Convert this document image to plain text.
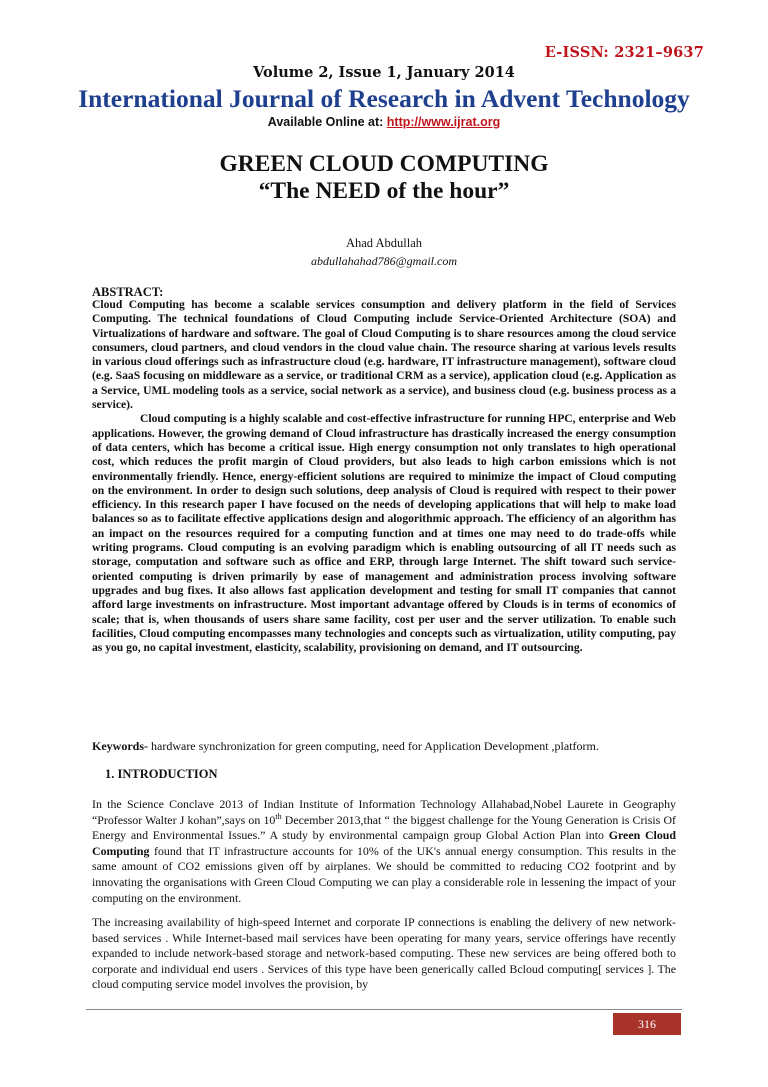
E-ISSN: 2321–9637
Volume 2, Issue 1, January 2014
International Journal of Research in Advent Technology
Available Online at: http://www.ijrat.org
GREEN CLOUD COMPUTING
“The NEED of the hour”
Ahad Abdullah
abdullahahad786@gmail.com
ABSTRACT:

Cloud Computing has become a scalable services consumption and delivery platform in the field of Services Computing. The technical foundations of Cloud Computing include Service-Oriented Architecture (SOA) and Virtualizations of hardware and software. The goal of Cloud Computing is to share resources among the cloud service consumers, cloud partners, and cloud vendors in the cloud value chain. The resource sharing at various levels results in various cloud offerings such as infrastructure cloud (e.g. hardware, IT infrastructure management), software cloud (e.g. SaaS focusing on middleware as a service, or traditional CRM as a service), application cloud (e.g. Application as a Service, UML modeling tools as a service, social network as a service), and business cloud (e.g. business process as a service).

Cloud computing is a highly scalable and cost-effective infrastructure for running HPC, enterprise and Web applications. However, the growing demand of Cloud infrastructure has drastically increased the energy consumption of data centers, which has become a critical issue. High energy consumption not only translates to high operational cost, which reduces the profit margin of Cloud providers, but also leads to high carbon emissions which is not environmentally friendly. Hence, energy-efficient solutions are required to minimize the impact of Cloud computing on the environment. In order to design such solutions, deep analysis of Cloud is required with respect to their power efficiency. In this research paper I have focused on the needs of developing applications that will help to make load balances so as to facilitate effective applications design and alogorithmic approach. The efficiency of an algorithm has an impact on the resources required for a computing function and at times one may need to do trade-offs while writing programs. Cloud computing is an evolving paradigm which is enabling outsourcing of all IT needs such as storage, computation and software such as office and ERP, through large Internet. The shift toward such service-oriented computing is driven primarily by ease of management and administration process involving software upgrades and bug fixes. It also allows fast application development and testing for small IT companies that cannot afford large investments on infrastructure. Most important advantage offered by Clouds is in terms of economics of scale; that is, when thousands of users share same facility, cost per user and the server utilization. To enable such facilities, Cloud computing encompasses many technologies and concepts such as virtualization, utility computing, pay as you go, no capital investment, elasticity, scalability, provisioning on demand, and IT outsourcing.

Keywords- hardware synchronization for green computing, need for Application Development ,platform.
1. INTRODUCTION

In the Science Conclave 2013 of Indian Institute of Information Technology Allahabad,Nobel Laurete in Geography “Professor Walter J kohan”,says on 10th December 2013,that “ the biggest challenge for the Young Generation is Crisis Of Energy and Environmental Issues.” A study by environmental campaign group Global Action Plan into Green Cloud Computing found that IT infrastructure accounts for 10% of the UK's annual energy consumption. This results in the same amount of CO2 emissions given off by airplanes. We should be committed to reducing CO2 footprint and by innovating the organisations with Green Cloud Computing we can play a considerable role in lessening the impact of your computing on the environment.

The increasing availability of high-speed Internet and corporate IP connections is enabling the delivery of new network-based services . While Internet-based mail services have been operating for many years, service offerings have recently expanded to include network-based storage and network-based computing. These new services are being offered both to corporate and individual end users . Services of this type have been generically called Bcloud computing[ services ]. The cloud computing service model involves the provision, by

316
